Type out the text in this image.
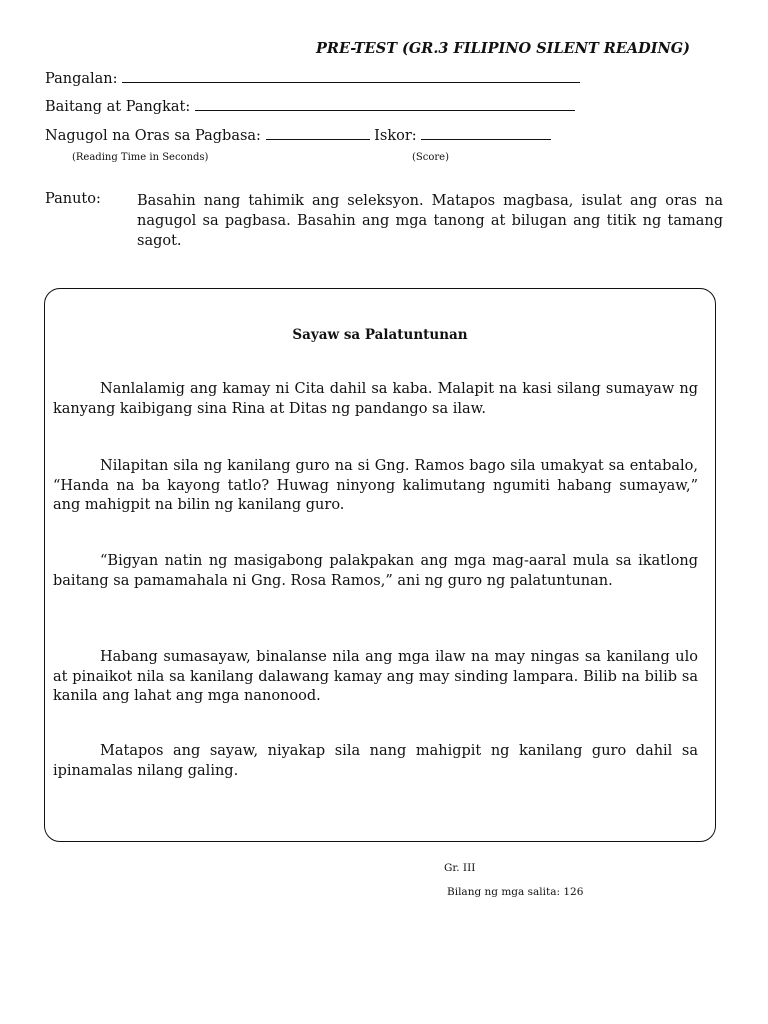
PRE-TEST (GR.3 FILIPINO SILENT READING)
Pangalan:
Baitang at Pangkat:
Nagugol na Oras sa Pagbasa:	Iskor:
(Reading Time in Seconds)	(Score)
Panuto: Basahin nang tahimik ang seleksyon. Matapos magbasa, isulat ang oras na nagugol sa pagbasa. Basahin ang mga tanong at bilugan ang titik ng tamang sagot.
Sayaw sa Palatuntunan

Nanlalamig ang kamay ni Cita dahil sa kaba. Malapit na kasi silang sumayaw ng kanyang kaibigang sina Rina at Ditas ng pandango sa ilaw.

Nilapitan sila ng kanilang guro na si Gng. Ramos bago sila umakyat sa entabalo, “Handa na ba kayong tatlo? Huwag ninyong kalimutang ngumiti habang sumayaw,” ang mahigpit na bilin ng kanilang guro.

“Bigyan natin ng masigabong palakpakan ang mga mag-aaral mula sa ikatlong baitang sa pamamahala ni Gng. Rosa Ramos,” ani ng guro ng palatuntunan.

Habang sumasayaw, binalanse nila ang mga ilaw na may ningas sa kanilang ulo at pinaikot nila sa kanilang dalawang kamay ang may sinding lampara. Bilib na bilib sa kanila ang lahat ang mga nanonood.

Matapos ang sayaw, niyakap sila nang mahigpit ng kanilang guro dahil sa ipinamalas nilang galing.

Gr. III
Bilang ng mga salita: 126
